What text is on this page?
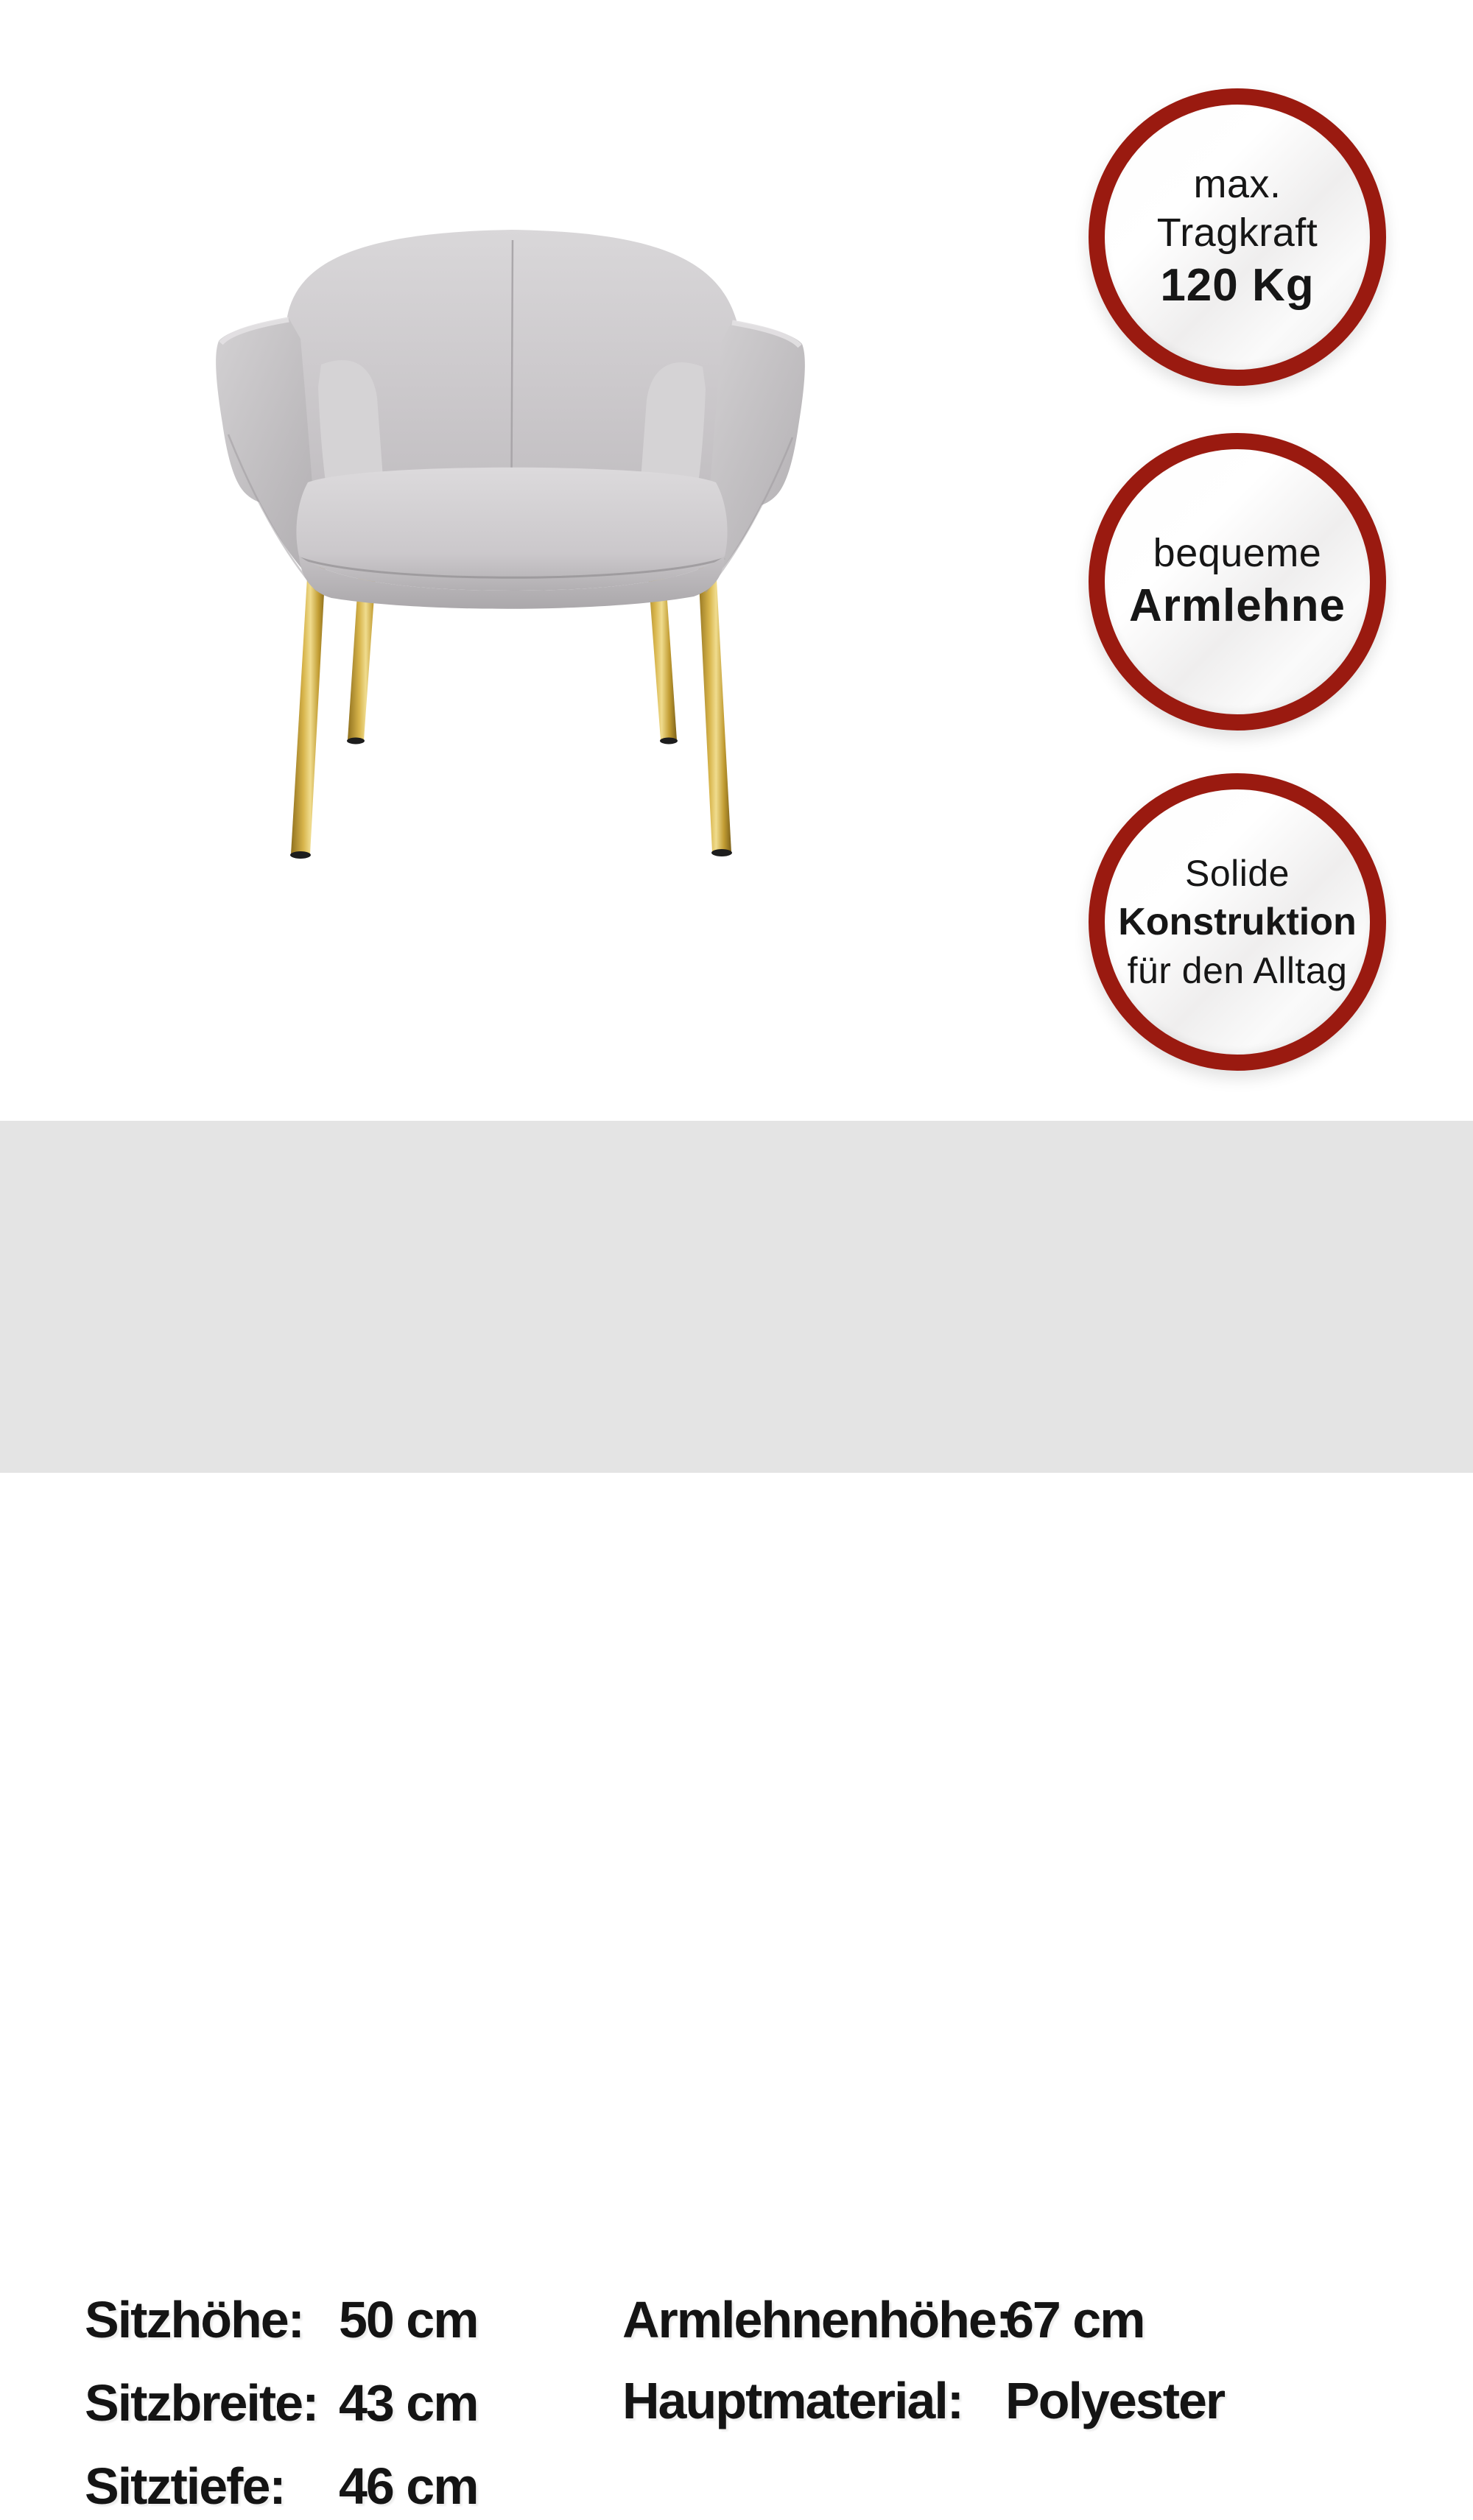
max.
Tragkraft
120 Kg
bequeme
Armlehne
Solide
Konstruktion
für den Alltag
Sitzhöhe: 50 cm
Sitzbreite: 43 cm
Sitztiefe:	46 cm
Armlehnenhöhe:
67 cm
Hauptmaterial: Polyester
